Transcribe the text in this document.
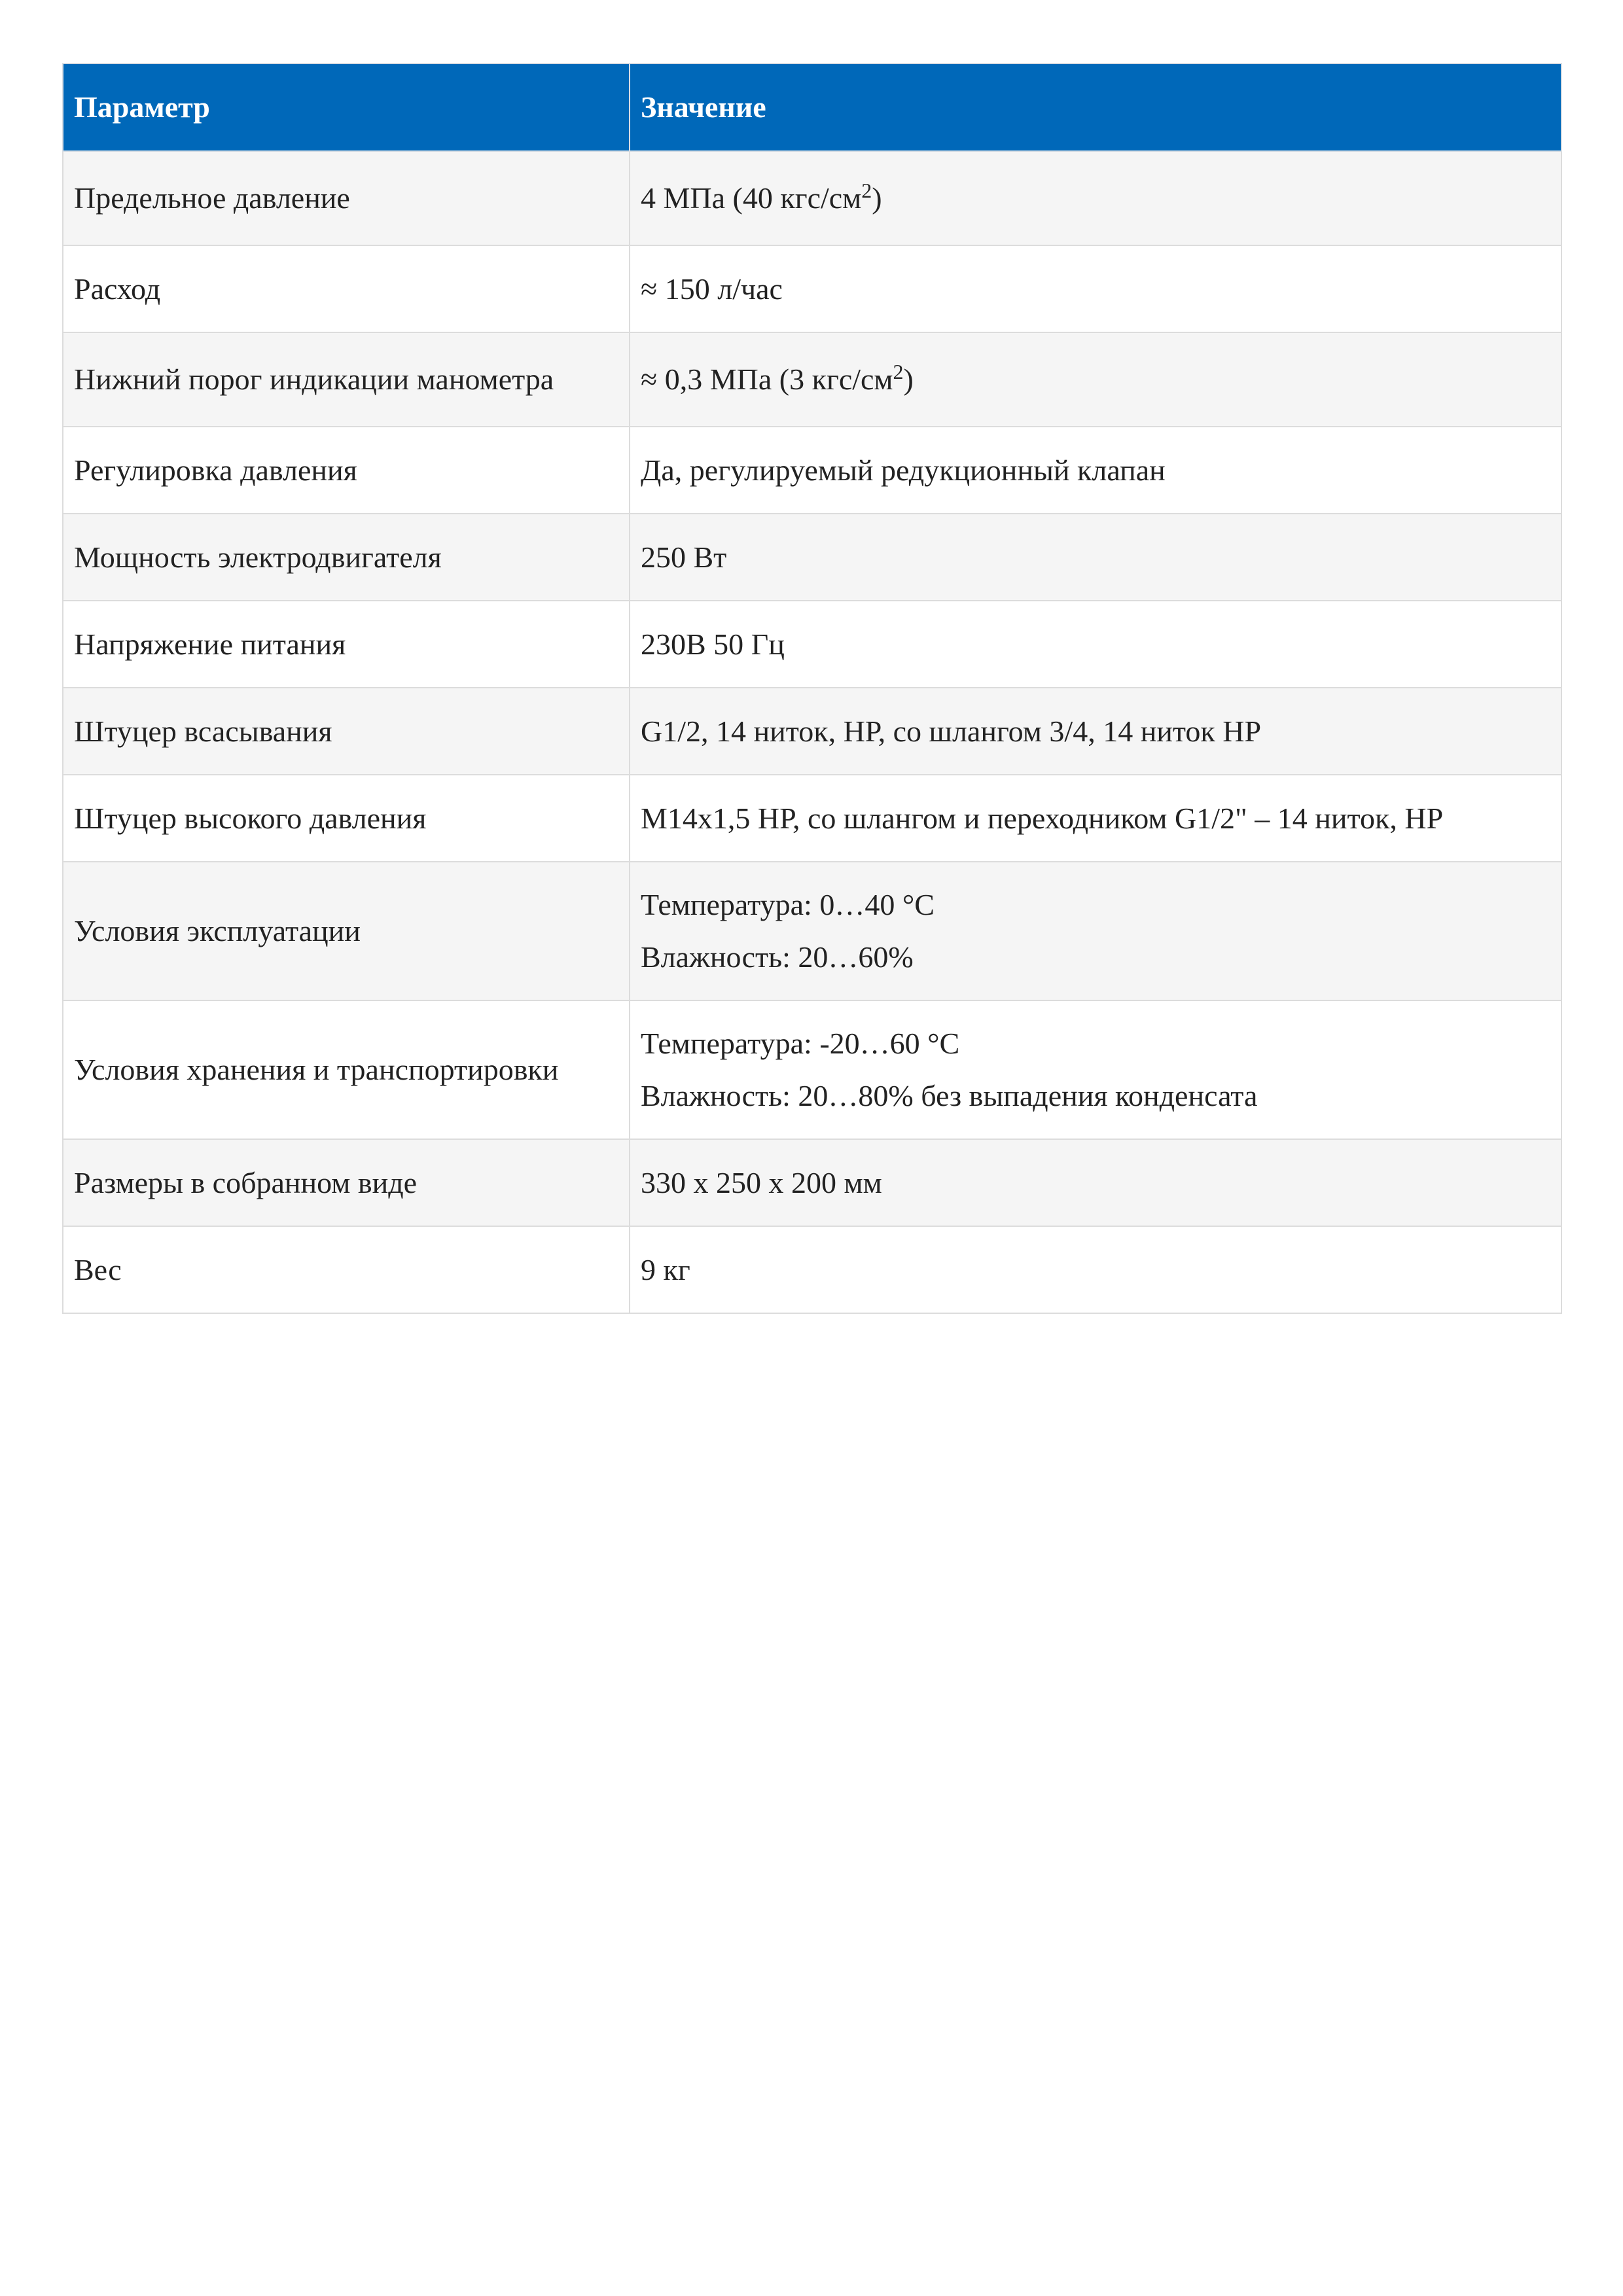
Параметр	Значение
Предельное давление	4 МПа (40 кгс/$см^2$)
Расход	≈ 150 л/час
Нижний порог индикации манометра	≈ 0,3 МПа (3 кгс/$см^2$)
Регулировка давления	Да, регулируемый редукционный клапан
Мощность электродвигателя	250 Вт
Напряжение питания	230В 50 Гц
Штуцер всасывания	G1/2, 14 ниток, НР, со шлангом 3/4, 14 ниток НР
Штуцер высокого давления	М14х1,5 НР, со шлангом и переходником G1/2" – 14 ниток, НР
Условия эксплуатации	Температура: 0…40 °С
Влажность: 20…60%

Условия хранения и транспортировки	Температура: -20…60 °С
Влажность: 20…80% без выпадения конденсата

Размеры в собранном виде	330 х 250 х 200 мм
Вес	9 кг
